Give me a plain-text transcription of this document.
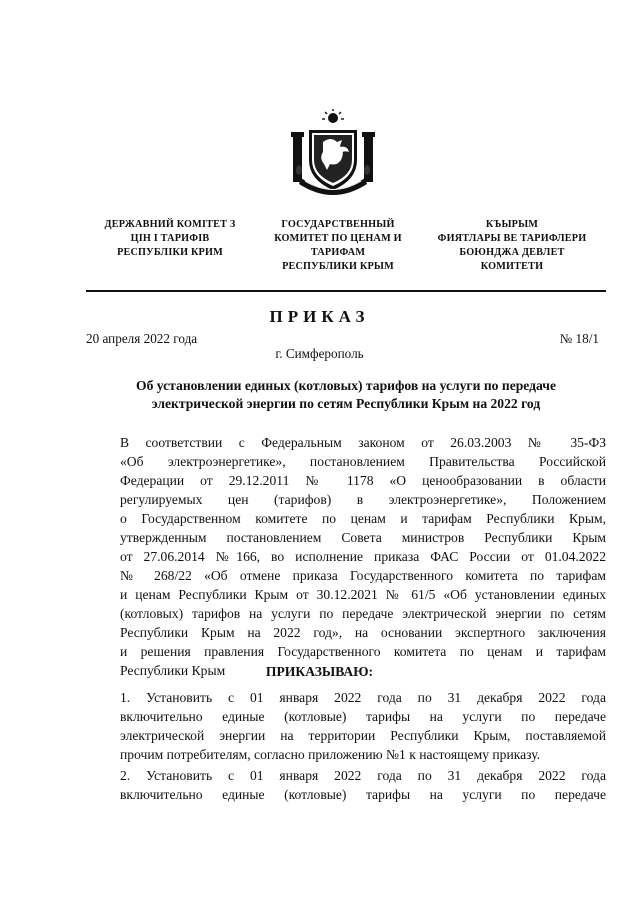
ДЕРЖАВНИЙ КОМІТЕТ З
ЦІН І ТАРИФІВ
РЕСПУБЛІКИ КРИМ
ГОСУДАРСТВЕННЫЙ
КОМИТЕТ ПО ЦЕНАМ И
ТАРИФАМ
РЕСПУБЛИКИ КРЫМ
КЪЫРЫМ
ФИЯТЛАРЫ ВЕ ТАРИФЛЕРИ
БОЮНДЖА ДЕВЛЕТ
КОМИТЕТИ
ПРИКАЗ
20 апреля 2022 года	№ 18/1
г. Симферополь
Об установлении единых (котловых) тарифов на услуги по передаче
электрической энергии по сетям Республики Крым на 2022 год
В соответствии с Федеральным законом от 26.03.2003 № 35-ФЗ
«Об электроэнергетике», постановлением Правительства Российской
Федерации от 29.12.2011 № 1178 «О ценообразовании в области
регулируемых цен (тарифов) в электроэнергетике», Положением
о Государственном комитете по ценам и тарифам Республики Крым,
утвержденным постановлением Совета министров Республики Крым
от 27.06.2014 №166, во исполнение приказа ФАС России от 01.04.2022
№ 268/22 «Об отмене приказа Государственного комитета по тарифам
и ценам Республики Крым от 30.12.2021 № 61/5 «Об установлении единых
(котловых) тарифов на услуги по передаче электрической энергии по сетям
Республики Крым на 2022 год», на основании экспертного заключения
и решения правления Государственного комитета по ценам и тарифам
Республики Крым	ПРИКАЗЫВАЮ:
1. Установить с 01 января 2022 года по 31 декабря 2022 года
включительно единые (котловые) тарифы на услуги по передаче
электрической энергии на территории Республики Крым, поставляемой
прочим потребителям, согласно приложению №1 к настоящему приказу.
2. Установить с 01 января 2022 года по 31 декабря 2022 года
включительно единые (котловые) тарифы на услуги по передаче
